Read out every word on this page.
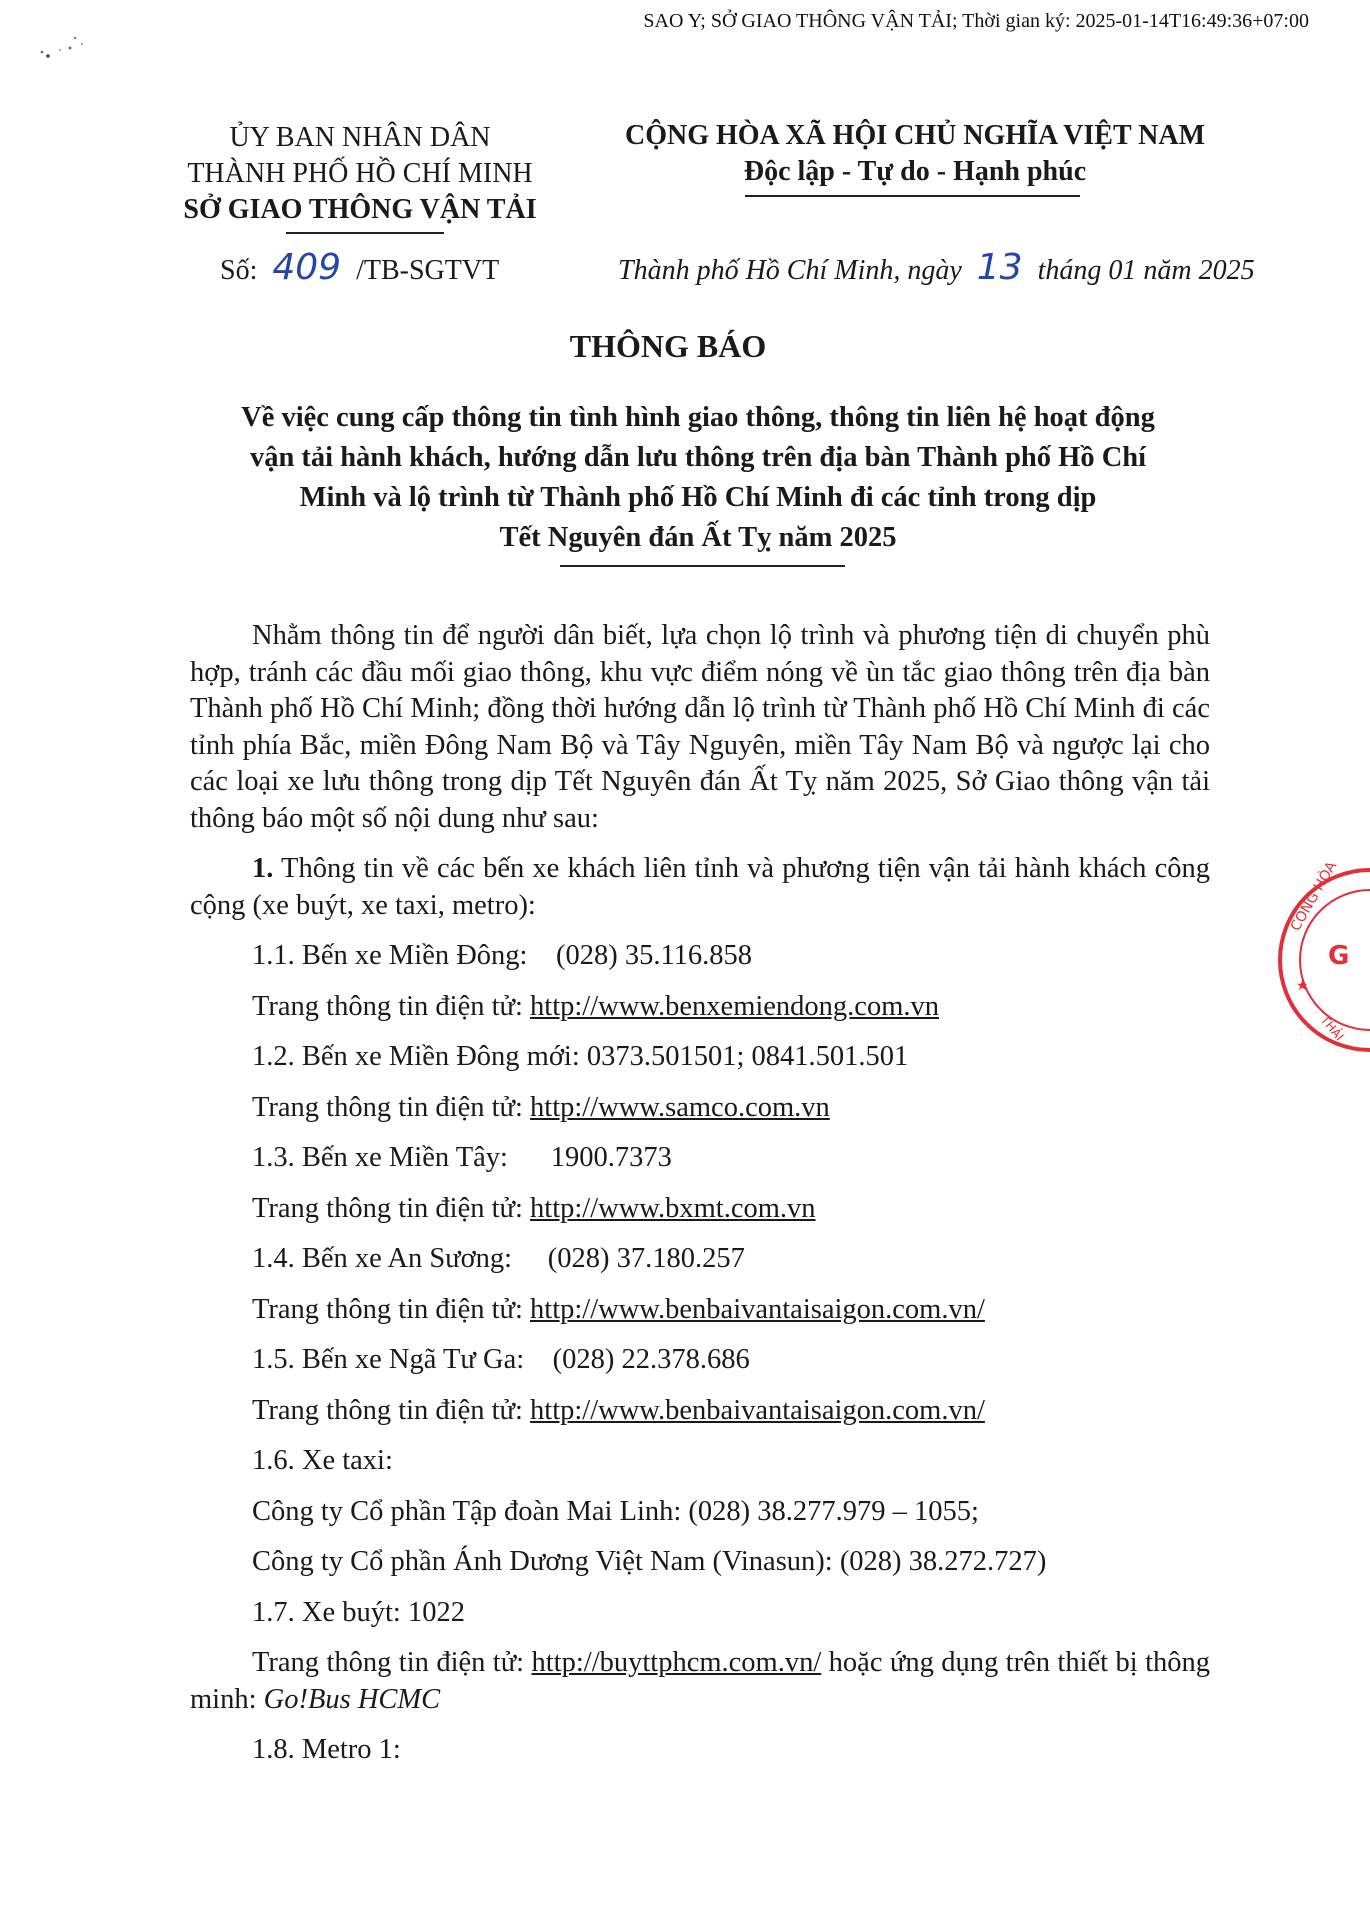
SAO Y; SỞ GIAO THÔNG VẬN TẢI; Thời gian ký: 2025-01-14T16:49:36+07:00
ỦY BAN NHÂN DÂN
THÀNH PHỐ HỒ CHÍ MINH
SỞ GIAO THÔNG VẬN TẢI
CỘNG HÒA XÃ HỘI CHỦ NGHĨA VIỆT NAM
Độc lập - Tự do - Hạnh phúc
Số: 409 /TB-SGTVT	Thành phố Hồ Chí Minh, ngày 13 tháng 01 năm 2025
THÔNG BÁO
Về việc cung cấp thông tin tình hình giao thông, thông tin liên hệ hoạt động
vận tải hành khách, hướng dẫn lưu thông trên địa bàn Thành phố Hồ Chí
Minh và lộ trình từ Thành phố Hồ Chí Minh đi các tỉnh trong dịp
Tết Nguyên đán Ất Tỵ năm 2025

Nhằm thông tin để người dân biết, lựa chọn lộ trình và phương tiện di chuyển phù hợp, tránh các đầu mối giao thông, khu vực điểm nóng về ùn tắc giao thông trên địa bàn Thành phố Hồ Chí Minh; đồng thời hướng dẫn lộ trình từ Thành phố Hồ Chí Minh đi các tỉnh phía Bắc, miền Đông Nam Bộ và Tây Nguyên, miền Tây Nam Bộ và ngược lại cho các loại xe lưu thông trong dịp Tết Nguyên đán Ất Tỵ năm 2025, Sở Giao thông vận tải thông báo một số nội dung như sau:

1. Thông tin về các bến xe khách liên tỉnh và phương tiện vận tải hành khách công cộng (xe buýt, xe taxi, metro):

1.1. Bến xe Miền Đông: (028) 35.116.858

Trang thông tin điện tử: http://www.benxemiendong.com.vn

1.2. Bến xe Miền Đông mới: 0373.501501; 0841.501.501

Trang thông tin điện tử: http://www.samco.com.vn

1.3. Bến xe Miền Tây: 1900.7373

Trang thông tin điện tử: http://www.bxmt.com.vn

1.4. Bến xe An Sương: (028) 37.180.257

Trang thông tin điện tử: http://www.benbaivantaisaigon.com.vn/

1.5. Bến xe Ngã Tư Ga: (028) 22.378.686

Trang thông tin điện tử: http://www.benbaivantaisaigon.com.vn/

1.6. Xe taxi:

Công ty Cổ phần Tập đoàn Mai Linh: (028) 38.277.979 – 1055;

Công ty Cổ phần Ánh Dương Việt Nam (Vinasun): (028) 38.272.727)

1.7. Xe buýt: 1022

Trang thông tin điện tử: http://buyttphcm.com.vn/ hoặc ứng dụng trên thiết bị thông minh: Go!Bus HCMC

1.8. Metro 1:

CÔNG HÒA
G
★
THẢI
